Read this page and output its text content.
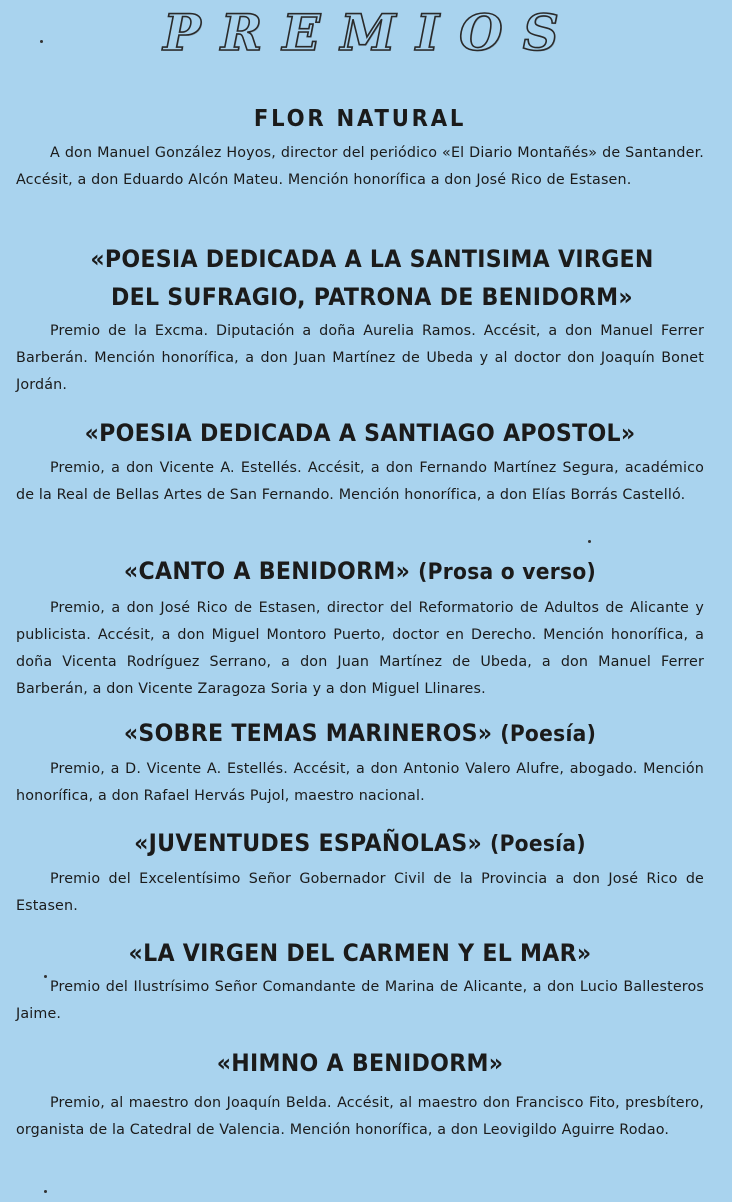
PREMIOS
FLOR NATURAL

A don Manuel González Hoyos, director del periódico «El Diario Montañés» de Santander. Accésit, a don Eduardo Alcón Mateu. Mención honorífica a don José Rico de Estasen.

«POESIA DEDICADA A LA SANTISIMA VIRGEN DEL SUFRAGIO, PATRONA DE BENIDORM»

Premio de la Excma. Diputación a doña Aurelia Ramos. Accésit, a don Manuel Ferrer Barberán. Mención honorífica, a don Juan Martínez de Ubeda y al doctor don Joaquín Bonet Jordán.

«POESIA DEDICADA A SANTIAGO APOSTOL»

Premio, a don Vicente A. Estellés. Accésit, a don Fernando Martínez Segura, académico de la Real de Bellas Artes de San Fernando. Mención honorífica, a don Elías Borrás Castelló.

«CANTO A BENIDORM» (Prosa o verso)

Premio, a don José Rico de Estasen, director del Reformatorio de Adultos de Alicante y publicista. Accésit, a don Miguel Montoro Puerto, doctor en Derecho. Mención honorífica, a doña Vicenta Rodríguez Serrano, a don Juan Martínez de Ubeda, a don Manuel Ferrer Barberán, a don Vicente Zaragoza Soria y a don Miguel Llinares.

«SOBRE TEMAS MARINEROS» (Poesía)

Premio, a D. Vicente A. Estellés. Accésit, a don Antonio Valero Alufre, abogado. Mención honorífica, a don Rafael Hervás Pujol, maestro nacional.

«JUVENTUDES ESPAÑOLAS» (Poesía)

Premio del Excelentísimo Señor Gobernador Civil de la Provincia a don José Rico de Estasen.

«LA VIRGEN DEL CARMEN Y EL MAR»

Premio del Ilustrísimo Señor Comandante de Marina de Alicante, a don Lucio Ballesteros Jaime.

«HIMNO A BENIDORM»

Premio, al maestro don Joaquín Belda. Accésit, al maestro don Francisco Fito, presbítero, organista de la Catedral de Valencia. Mención honorífica, a don Leovigildo Aguirre Rodao.
